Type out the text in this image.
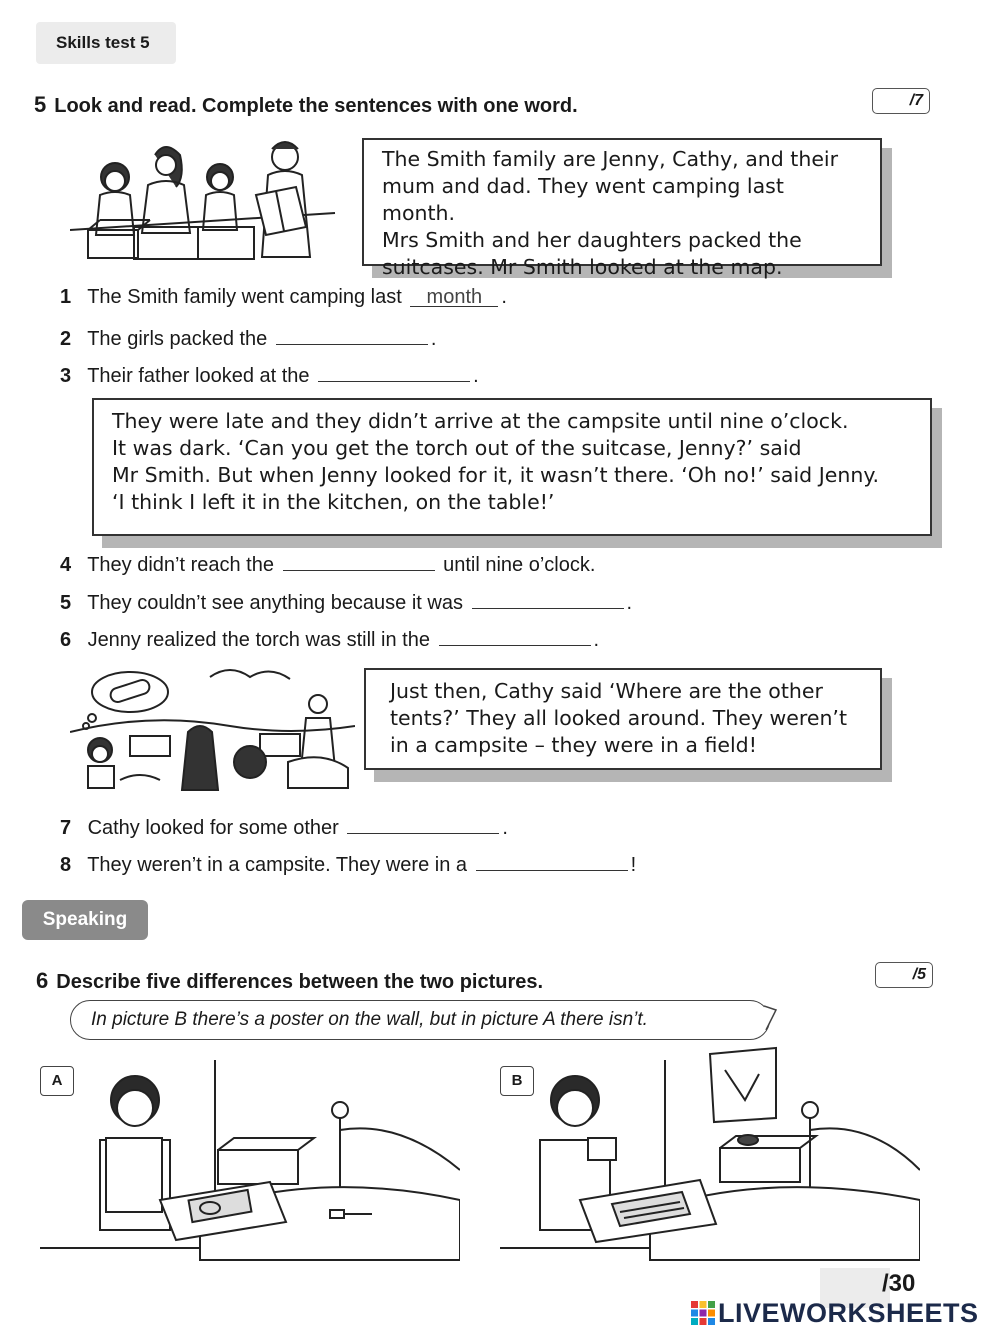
Skills test 5
5 Look and read. Complete the sentences with one word.	/7
The Smith family are Jenny, Cathy, and their
mum and dad. They went camping last month.
Mrs Smith and her daughters packed the
suitcases. Mr Smith looked at the map.
1 The Smith family went camping last month .
2 The girls packed the	.
3 Their father looked at the	.
They were late and they didn’t arrive at the campsite until nine o’clock.
It was dark. ‘Can you get the torch out of the suitcase, Jenny?’ said
Mr Smith. But when Jenny looked for it, it wasn’t there. ‘Oh no!’ said Jenny.
‘I think I left it in the kitchen, on the table!’
4 They didn’t reach the	until nine o’clock.
5 They couldn’t see anything because it was	.
6 Jenny realized the torch was still in the	.
Just then, Cathy said ‘Where are the other
tents?’ They all looked around. They weren’t
in a campsite – they were in a field!
7 Cathy looked for some other	.
8 They weren’t in a campsite. They were in a	!
Speaking
6 Describe five differences between the two pictures.	/5
In picture B there’s a poster on the wall, but in picture A there isn’t.
A	B
/30
LIVEWORKSHEETS
